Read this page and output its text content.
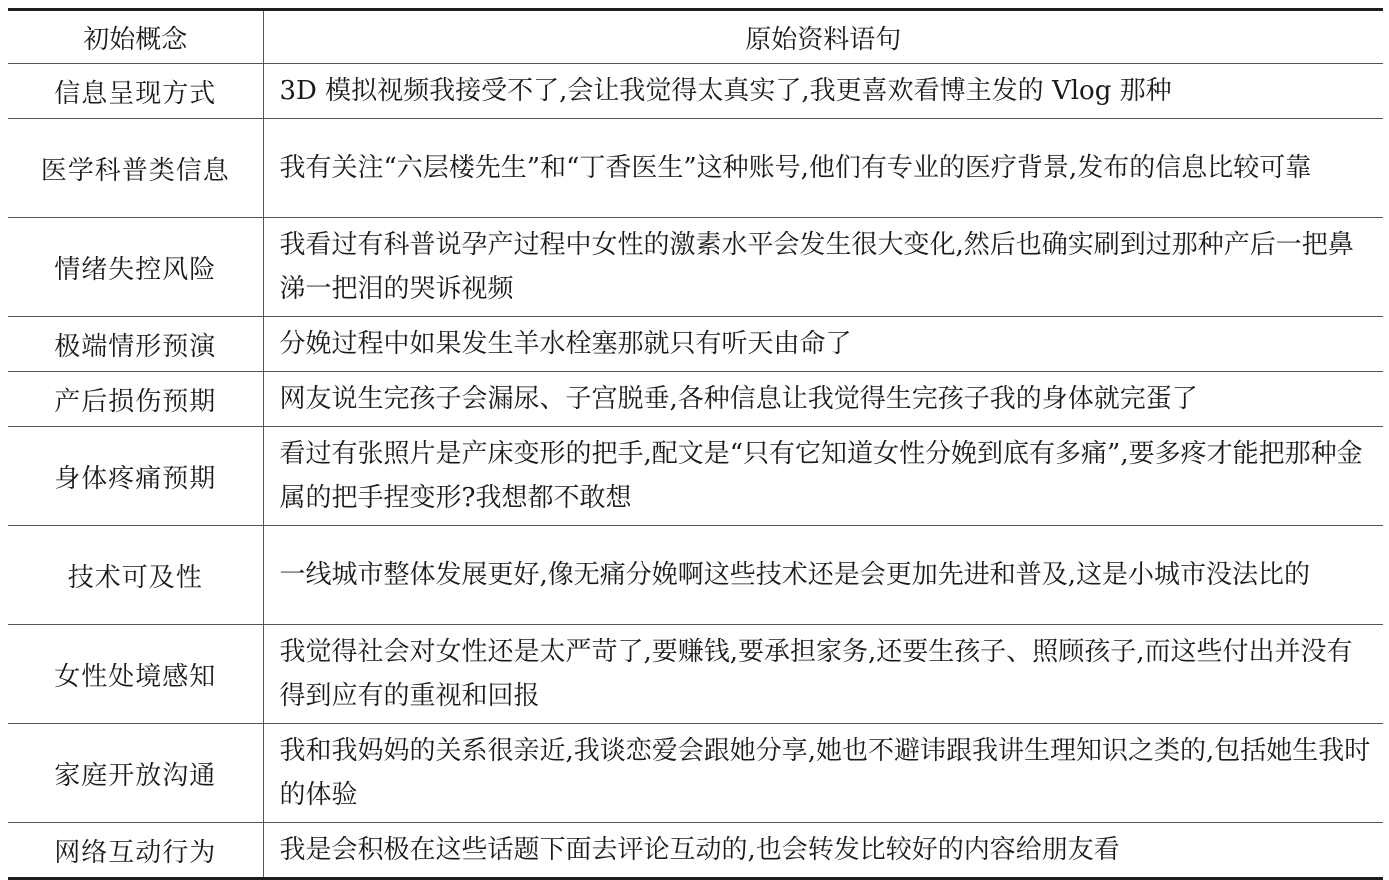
初始概念	原始资料语句
信息呈现方式	3D 模拟视频我接受不了,会让我觉得太真实了,我更喜欢看博主发的 Vlog 那种
医学科普类信息	我有关注“六层楼先生”和“丁香医生”这种账号,他们有专业的医疗背景,发布的信息比较可靠
情绪失控风险	我看过有科普说孕产过程中女性的激素水平会发生很大变化,然后也确实刷到过那种产后一把鼻涕一把泪的哭诉视频
极端情形预演	分娩过程中如果发生羊水栓塞那就只有听天由命了
产后损伤预期	网友说生完孩子会漏尿、子宫脱垂,各种信息让我觉得生完孩子我的身体就完蛋了
身体疼痛预期	看过有张照片是产床变形的把手,配文是“只有它知道女性分娩到底有多痛”,要多疼才能把那种金属的把手捏变形?我想都不敢想
技术可及性	一线城市整体发展更好,像无痛分娩啊这些技术还是会更加先进和普及,这是小城市没法比的
女性处境感知	我觉得社会对女性还是太严苛了,要赚钱,要承担家务,还要生孩子、照顾孩子,而这些付出并没有得到应有的重视和回报
家庭开放沟通	我和我妈妈的关系很亲近,我谈恋爱会跟她分享,她也不避讳跟我讲生理知识之类的,包括她生我时的体验
网络互动行为	我是会积极在这些话题下面去评论互动的,也会转发比较好的内容给朋友看
